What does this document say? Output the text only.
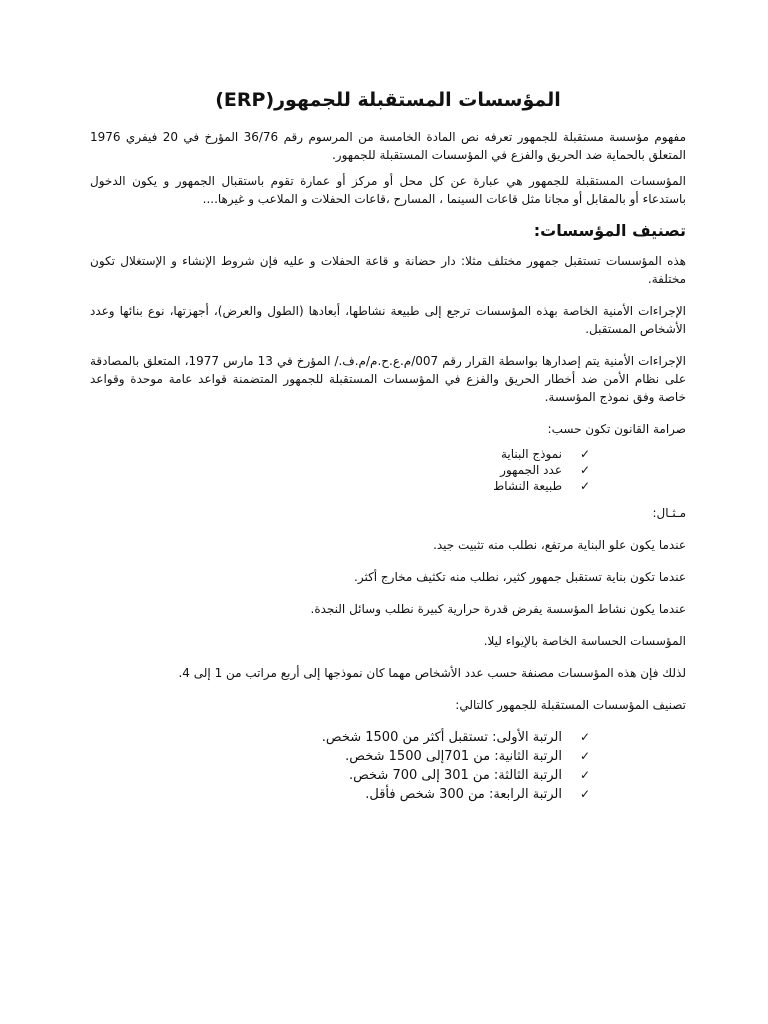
المؤسسات المستقبلة للجمهور(ERP)

مفهوم مؤسسة مستقبلة للجمهور تعرفه نص المادة الخامسة من المرسوم رقم 36/76 المؤرخ في 20 فيفري 1976 المتعلق بالحماية ضد الحريق والفزع في المؤسسات المستقبلة للجمهور.

المؤسسات المستقبلة للجمهور هي عبارة عن كل محل أو مركز أو عمارة تقوم باستقبال الجمهور و يكون الدخول باستدعاء أو بالمقابل أو مجانا مثل قاعات السينما ، المسارح ،قاعات الحفلات و الملاعب و غيرها....

تصنيف المؤسسات:

هذه المؤسسات تستقبل جمهور مختلف مثلا: دار حضانة و قاعة الحفلات و عليه فإن شروط الإنشاء و الإستغلال تكون مختلفة.

الإجراءات الأمنية الخاصة بهذه المؤسسات ترجع إلى طبيعة نشاطها، أبعادها (الطول والعرض)، أجهزتها، نوع بنائها وعدد الأشخاص المستقبل.

الإجراءات الأمنية يتم إصدارها بواسطة القرار رقم 007/م.ع.ح.م/م.ف./ المؤرخ في 13 مارس 1977، المتعلق بالمصادقة على نظام الأمن ضد أخطار الحريق والفزع في المؤسسات المستقبلة للجمهور المتضمنة قواعد عامة موحدة وقواعد خاصة وفق نموذج المؤسسة.

صرامة القانون تكون حسب:

✓نموذج البناية
✓عدد الجمهور
✓طبيعة النشاط

مـثـال:

عندما يكون علو البناية مرتفع، نطلب منه تثبيت جيد.

عندما تكون بناية تستقبل جمهور كثير، نطلب منه تكثيف مخارج أكثر.

عندما يكون نشاط المؤسسة يفرض قدرة حرارية كبيرة نطلب وسائل النجدة.

المؤسسات الحساسة الخاصة بالإيواء ليلا.

لذلك فإن هذه المؤسسات مصنفة حسب عدد الأشخاص مهما كان نموذجها إلى أربع مراتب من 1 إلى 4.

تصنيف المؤسسات المستقبلة للجمهور كالتالي:

✓الرتبة الأولى: تستقبل أكثر من 1500 شخص.
✓الرتبة الثانية: من 701إلى 1500 شخص.
✓الرتبة الثالثة: من 301 إلى 700 شخص.
✓الرتبة الرابعة: من 300 شخص فأقل.
